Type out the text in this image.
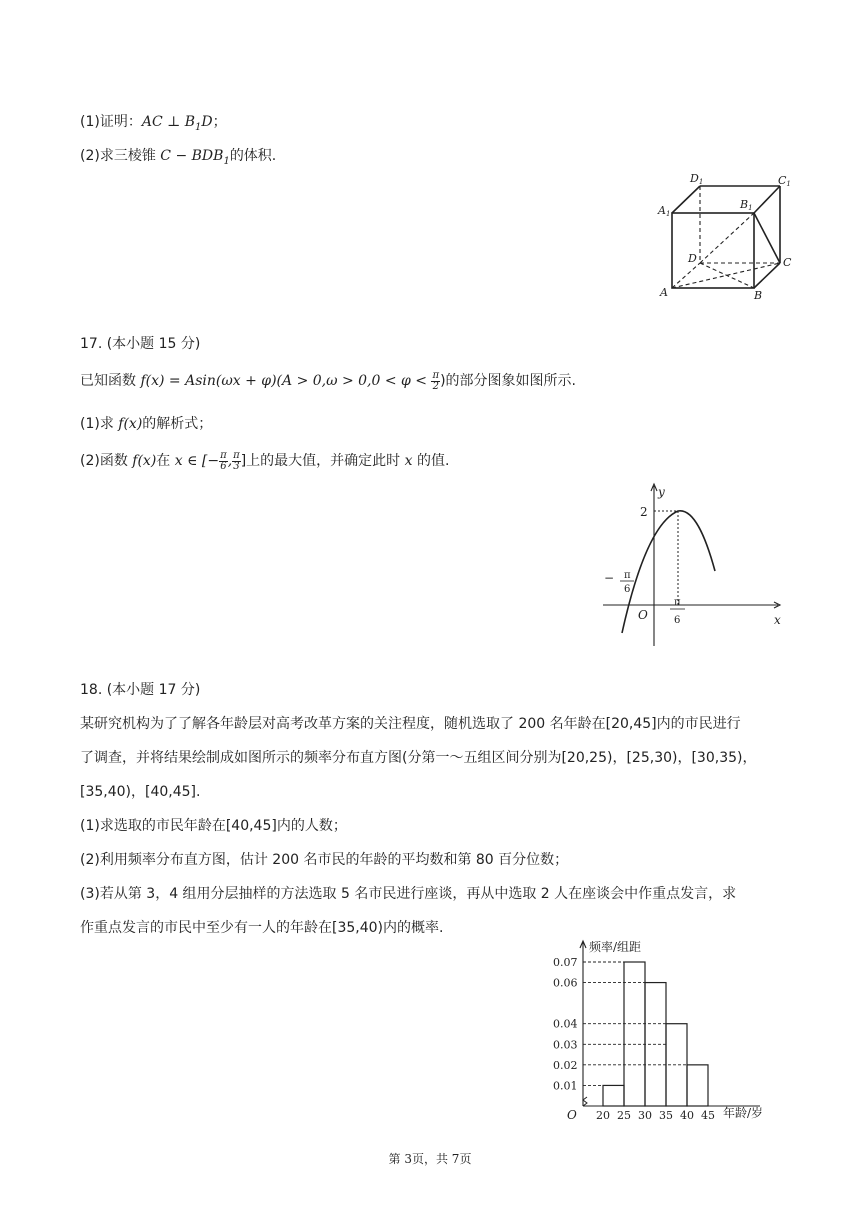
(1)证明：AC ⊥ $B_1D$；
(2)求三棱锥 $C - BDB_1$的体积.
D1	C1
A1
B1
D	C
A	B
17. (本小题 15 分)
已知函数 $f(x) = Asin(\omega x + \varphi)(A > 0,\omega > 0,0 < \varphi < \frac{\pi}{2}$ )的部分图象如图所示.
(1)求 f(x)的解析式；
(2)函数 f(x)在 x ∈ [− $\frac{\pi}{6}$ , $\frac{\pi}{3}$ ]上的最大值，并确定此时 x 的值.
y
x
O
2
− π
6
π
6
18. (本小题 17 分)
某研究机构为了了解各年龄层对高考改革方案的关注程度，随机选取了 200 名年龄在[20,45]内的市民进行
了调查，并将结果绘制成如图所示的频率分布直方图(分第一～五组区间分别为[20,25)，[25,30)，[30,35)，
[35,40)，[40,45].
(1)求选取的市民年龄在[40,45]内的人数；
(2)利用频率分布直方图，估计 200 名市民的年龄的平均数和第 80 百分位数；
(3)若从第 3，4 组用分层抽样的方法选取 5 名市民进行座谈，再从中选取 2 人在座谈会中作重点发言，求
作重点发言的市民中至少有一人的年龄在[35,40)内的概率.
0.01
0.02
0.03
0.04
0.06
0.07
20 25 30 35 40 45
频率/组距
年龄/岁
O
第 3页，共 7页
